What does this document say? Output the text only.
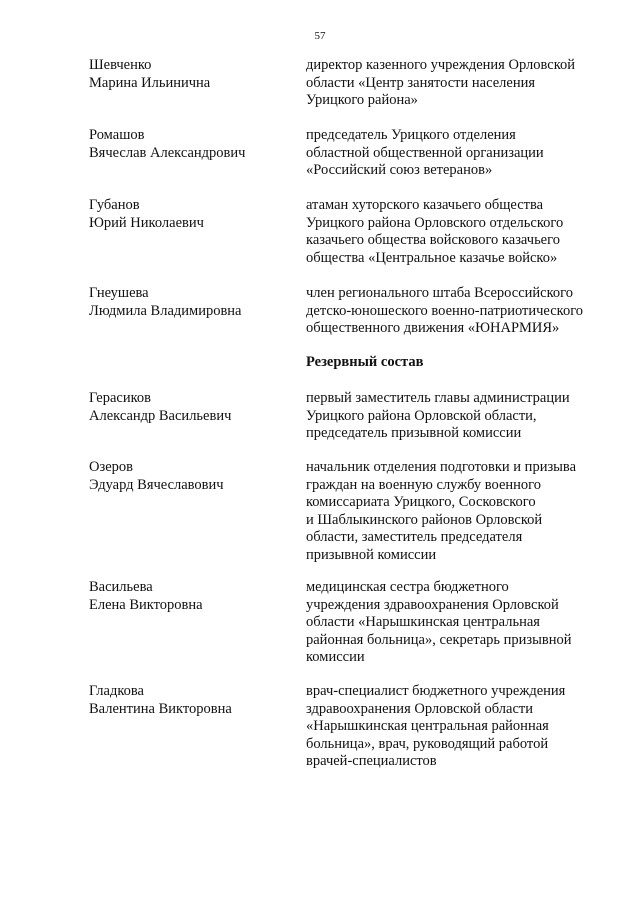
57
Шевченко
Марина Ильинична
директор казенного учреждения Орловской
области «Центр занятости населения
Урицкого района»
Ромашов
Вячеслав Александрович
председатель Урицкого отделения
областной общественной организации
«Российский союз ветеранов»
Губанов
Юрий Николаевич
атаман хуторского казачьего общества
Урицкого района Орловского отдельского
казачьего общества войскового казачьего
общества «Центральное казачье войско»
Гнеушева
Людмила Владимировна
член регионального штаба Всероссийского
детско-юношеского военно-патриотического
общественного движения «ЮНАРМИЯ»
Резервный состав
Герасиков
Александр Васильевич
первый заместитель главы администрации
Урицкого района Орловской области,
председатель призывной комиссии
Озеров
Эдуард Вячеславович
начальник отделения подготовки и призыва
граждан на военную службу военного
комиссариата Урицкого, Сосковского
и Шаблыкинского районов Орловской
области, заместитель председателя
призывной комиссии
Васильева
Елена Викторовна
медицинская сестра бюджетного
учреждения здравоохранения Орловской
области «Нарышкинская центральная
районная больница», секретарь призывной
комиссии
Гладкова
Валентина Викторовна
врач-специалист бюджетного учреждения
здравоохранения Орловской области
«Нарышкинская центральная районная
больница», врач, руководящий работой
врачей-специалистов
